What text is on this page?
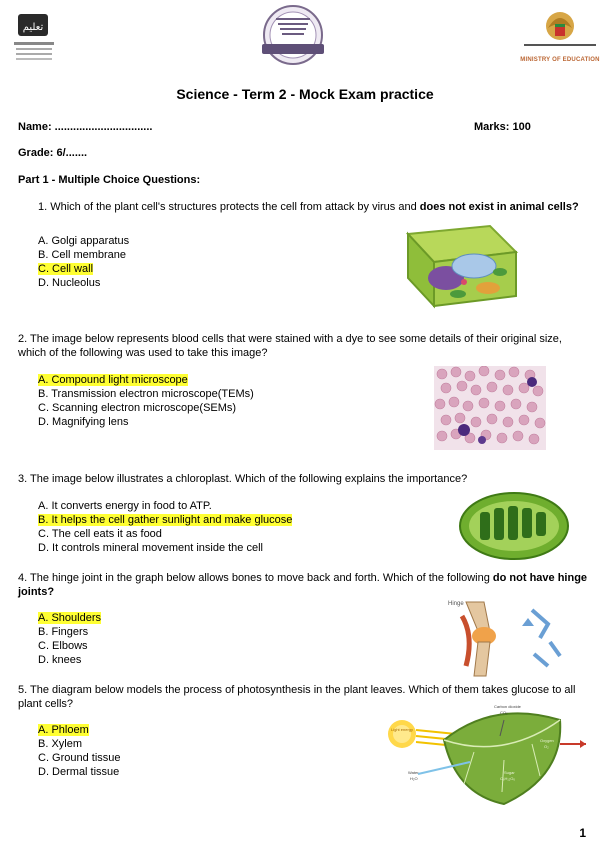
تعليم
MINISTRY OF EDUCATION
Science - Term 2 - Mock Exam practice
Name: ................................	Marks: 100
Grade: 6/.......
Part 1 - Multiple Choice Questions:
1. Which of the plant cell's structures protects the cell from attack by virus and does not exist in animal cells?
A. Golgi apparatus
B. Cell membrane
C. Cell wall
D. Nucleolus
2. The image below represents blood cells that were stained with a dye to see some details of their original size, which of the following was used to take this image?
A. Compound light microscope
B. Transmission electron microscope(TEMs)
C. Scanning electron microscope(SEMs)
D. Magnifying lens
3. The image below illustrates a chloroplast. Which of the following explains the importance?
A. It converts energy in food to ATP.
B. It helps the cell gather sunlight and make glucose
C. The cell eats it as food
D. It controls mineral movement inside the cell
4. The hinge joint in the graph below allows bones to move back and forth. Which of the following do not have hinge joints?
A. Shoulders
B. Fingers
C. Elbows
D. knees
Hinge
5. The diagram below models the process of photosynthesis in the plant leaves. Which of them takes glucose to all plant cells?
A. Phloem
B. Xylem
C. Ground tissue
D. Dermal tissue
Light energy
Carbon dioxide
CO₂
Oxygen
O₂
Water
H₂O
Sugar
C₆H₁₂O₆
1
